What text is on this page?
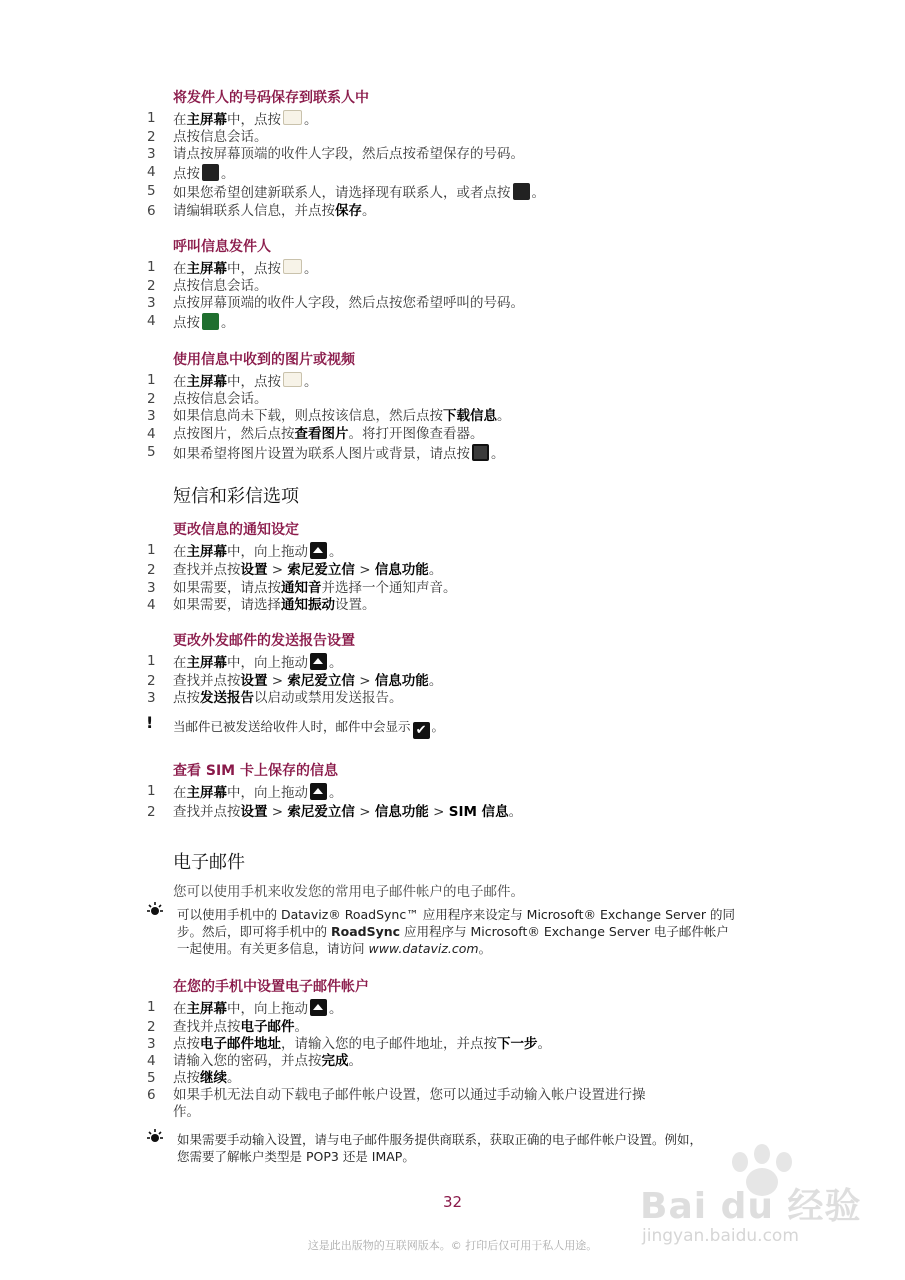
将发件人的号码保存到联系人中
1	在主屏幕中，点按 。
2	点按信息会话。
3	请点按屏幕顶端的收件人字段，然后点按希望保存的号码。
4	点按 。
5	如果您希望创建新联系人，请选择现有联系人，或者点按 。
6	请编辑联系人信息，并点按保存。
呼叫信息发件人
1	在主屏幕中，点按 。
2	点按信息会话。
3	点按屏幕顶端的收件人字段，然后点按您希望呼叫的号码。
4	点按 。
使用信息中收到的图片或视频
1	在主屏幕中，点按 。
2	点按信息会话。
3	如果信息尚未下载，则点按该信息，然后点按下载信息。
4	点按图片，然后点按查看图片。将打开图像查看器。
5	如果希望将图片设置为联系人图片或背景，请点按 。
短信和彩信选项
更改信息的通知设定
1	在主屏幕中，向上拖动 。
2	查找并点按设置 > 索尼爱立信 > 信息功能。
3	如果需要，请点按通知音并选择一个通知声音。
4	如果需要，请选择通知振动设置。
更改外发邮件的发送报告设置
1	在主屏幕中，向上拖动 。
2	查找并点按设置 > 索尼爱立信 > 信息功能。
3	点按发送报告以启动或禁用发送报告。
! 当邮件已被发送给收件人时，邮件中会显示 ✔ 。
查看 SIM 卡上保存的信息
1	在主屏幕中，向上拖动 。
2	查找并点按设置 > 索尼爱立信 > 信息功能 > SIM 信息。
电子邮件
您可以使用手机来收发您的常用电子邮件帐户的电子邮件。
可以使用手机中的 Dataviz® RoadSync™ 应用程序来设定与 Microsoft® Exchange Server 的同
步。然后，即可将手机中的 RoadSync 应用程序与 Microsoft® Exchange Server 电子邮件帐户
一起使用。有关更多信息，请访问 www.dataviz.com。
在您的手机中设置电子邮件帐户
1	在主屏幕中，向上拖动 。
2	查找并点按电子邮件。
3	点按电子邮件地址，请输入您的电子邮件地址，并点按下一步。
4	请输入您的密码，并点按完成。
5	点按继续。
6	如果手机无法自动下载电子邮件帐户设置，您可以通过手动输入帐户设置进行操
作。
如果需要手动输入设置，请与电子邮件服务提供商联系，获取正确的电子邮件帐户设置。例如，
您需要了解帐户类型是 POP3 还是 IMAP。
32
这是此出版物的互联网版本。© 打印后仅可用于私人用途。
Bai du 经验
jingyan.baidu.com
